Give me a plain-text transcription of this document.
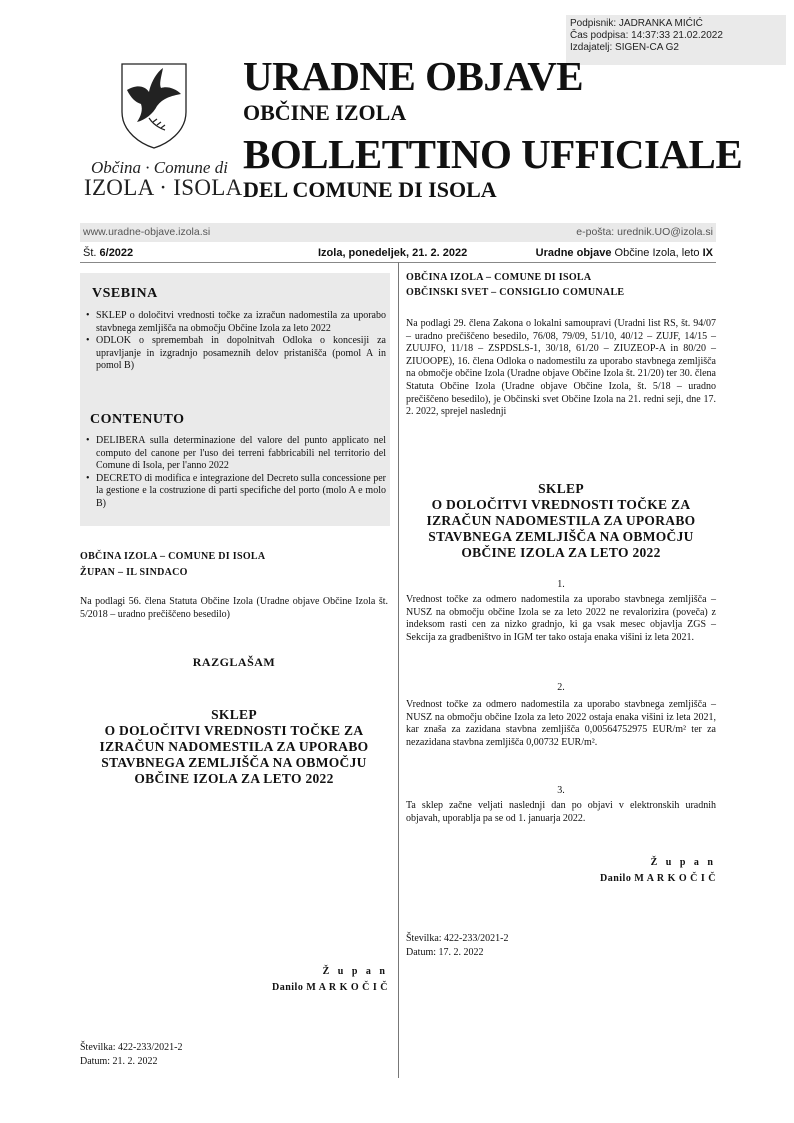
Podpisnik: JADRANKA MIĆIĆ
Čas podpisa: 14:37:33 21.02.2022
Izdajatelj: SIGEN-CA G2
Občina · Comune di
IZOLA · ISOLA
URADNE OBJAVE
OBČINE IZOLA
BOLLETTINO UFFICIALE
DEL COMUNE DI ISOLA
www.uradne-objave.izola.si	e-pošta: urednik.UO@izola.si
Št. 6/2022	Izola, ponedeljek, 21. 2. 2022	Uradne objave Občine Izola, leto IX
VSEBINA
• SKLEP o določitvi vrednosti točke za izračun nadomestila za uporabo stavbnega zemljišča na območju Občine Izola za leto 2022
• ODLOK o spremembah in dopolnitvah Odloka o koncesiji za upravljanje in izgradnjo posameznih delov pristanišča (pomol A in pomol B)
CONTENUTO
• DELIBERA sulla determinazione del valore del punto applicato nel computo del canone per l'uso dei terreni fabbricabili nel territorio del Comune di Isola, per l'anno 2022
• DECRETO di modifica e integrazione del Decreto sulla concessione per la gestione e la costruzione di parti specifiche del porto (molo A e molo B)
OBČINA IZOLA – COMUNE DI ISOLA
ŽUPAN – IL SINDACO
Na podlagi 56. člena Statuta Občine Izola (Uradne objave Občine Izola št. 5/2018 – uradno prečiščeno besedilo)
RAZGLAŠAM
SKLEP
O DOLOČITVI VREDNOSTI TOČKE ZA
IZRAČUN NADOMESTILA ZA UPORABO
STAVBNEGA ZEMLJIŠČA NA OBMOČJU
OBČINE IZOLA ZA LETO 2022
Ž u p a n
Danilo M A R K O Č I Č
Številka: 422-233/2021-2
Datum: 21. 2. 2022
OBČINA IZOLA – COMUNE DI ISOLA
OBČINSKI SVET – CONSIGLIO COMUNALE
Na podlagi 29. člena Zakona o lokalni samoupravi (Uradni list RS, št. 94/07 – uradno prečiščeno besedilo, 76/08, 79/09, 51/10, 40/12 – ZUJF, 14/15 – ZUUJFO, 11/18 – ZSPDSLS-1, 30/18, 61/20 – ZIUZEOP-A in 80/20 – ZIUOOPE), 16. člena Odloka o nadomestilu za uporabo stavbnega zemljišča na območje občine Izola (Uradne objave Občine Izola št. 21/20) ter 30. člena Statuta Občine Izola (Uradne objave Občine Izola, št. 5/18 – uradno prečiščeno besedilo), je Občinski svet Občine Izola na 21. redni seji, dne 17. 2. 2022, sprejel naslednji
SKLEP
O DOLOČITVI VREDNOSTI TOČKE ZA
IZRAČUN NADOMESTILA ZA UPORABO
STAVBNEGA ZEMLJIŠČA NA OBMOČJU
OBČINE IZOLA ZA LETO 2022
1.
Vrednost točke za odmero nadomestila za uporabo stavbnega zemljišča – NUSZ na območju občine Izola se za leto 2022 ne revalorizira (poveča) z indeksom rasti cen za nizko gradnjo, ki ga vsak mesec objavlja ZGS – Sekcija za gradbeništvo in IGM ter tako ostaja enaka višini iz leta 2021.
2.
Vrednost točke za odmero nadomestila za uporabo stavbnega zemljišča – NUSZ na območju občine Izola za leto 2022 ostaja enaka višini iz leta 2021, kar znaša za zazidana stavbna zemljišča 0,00564752975 EUR/m² ter za nezazidana stavbna zemljišča 0,00732 EUR/m².
3.
Ta sklep začne veljati naslednji dan po objavi v elektronskih uradnih objavah, uporablja pa se od 1. januarja 2022.
Ž u p a n
Danilo M A R K O Č I Č
Številka: 422-233/2021-2
Datum: 17. 2. 2022
